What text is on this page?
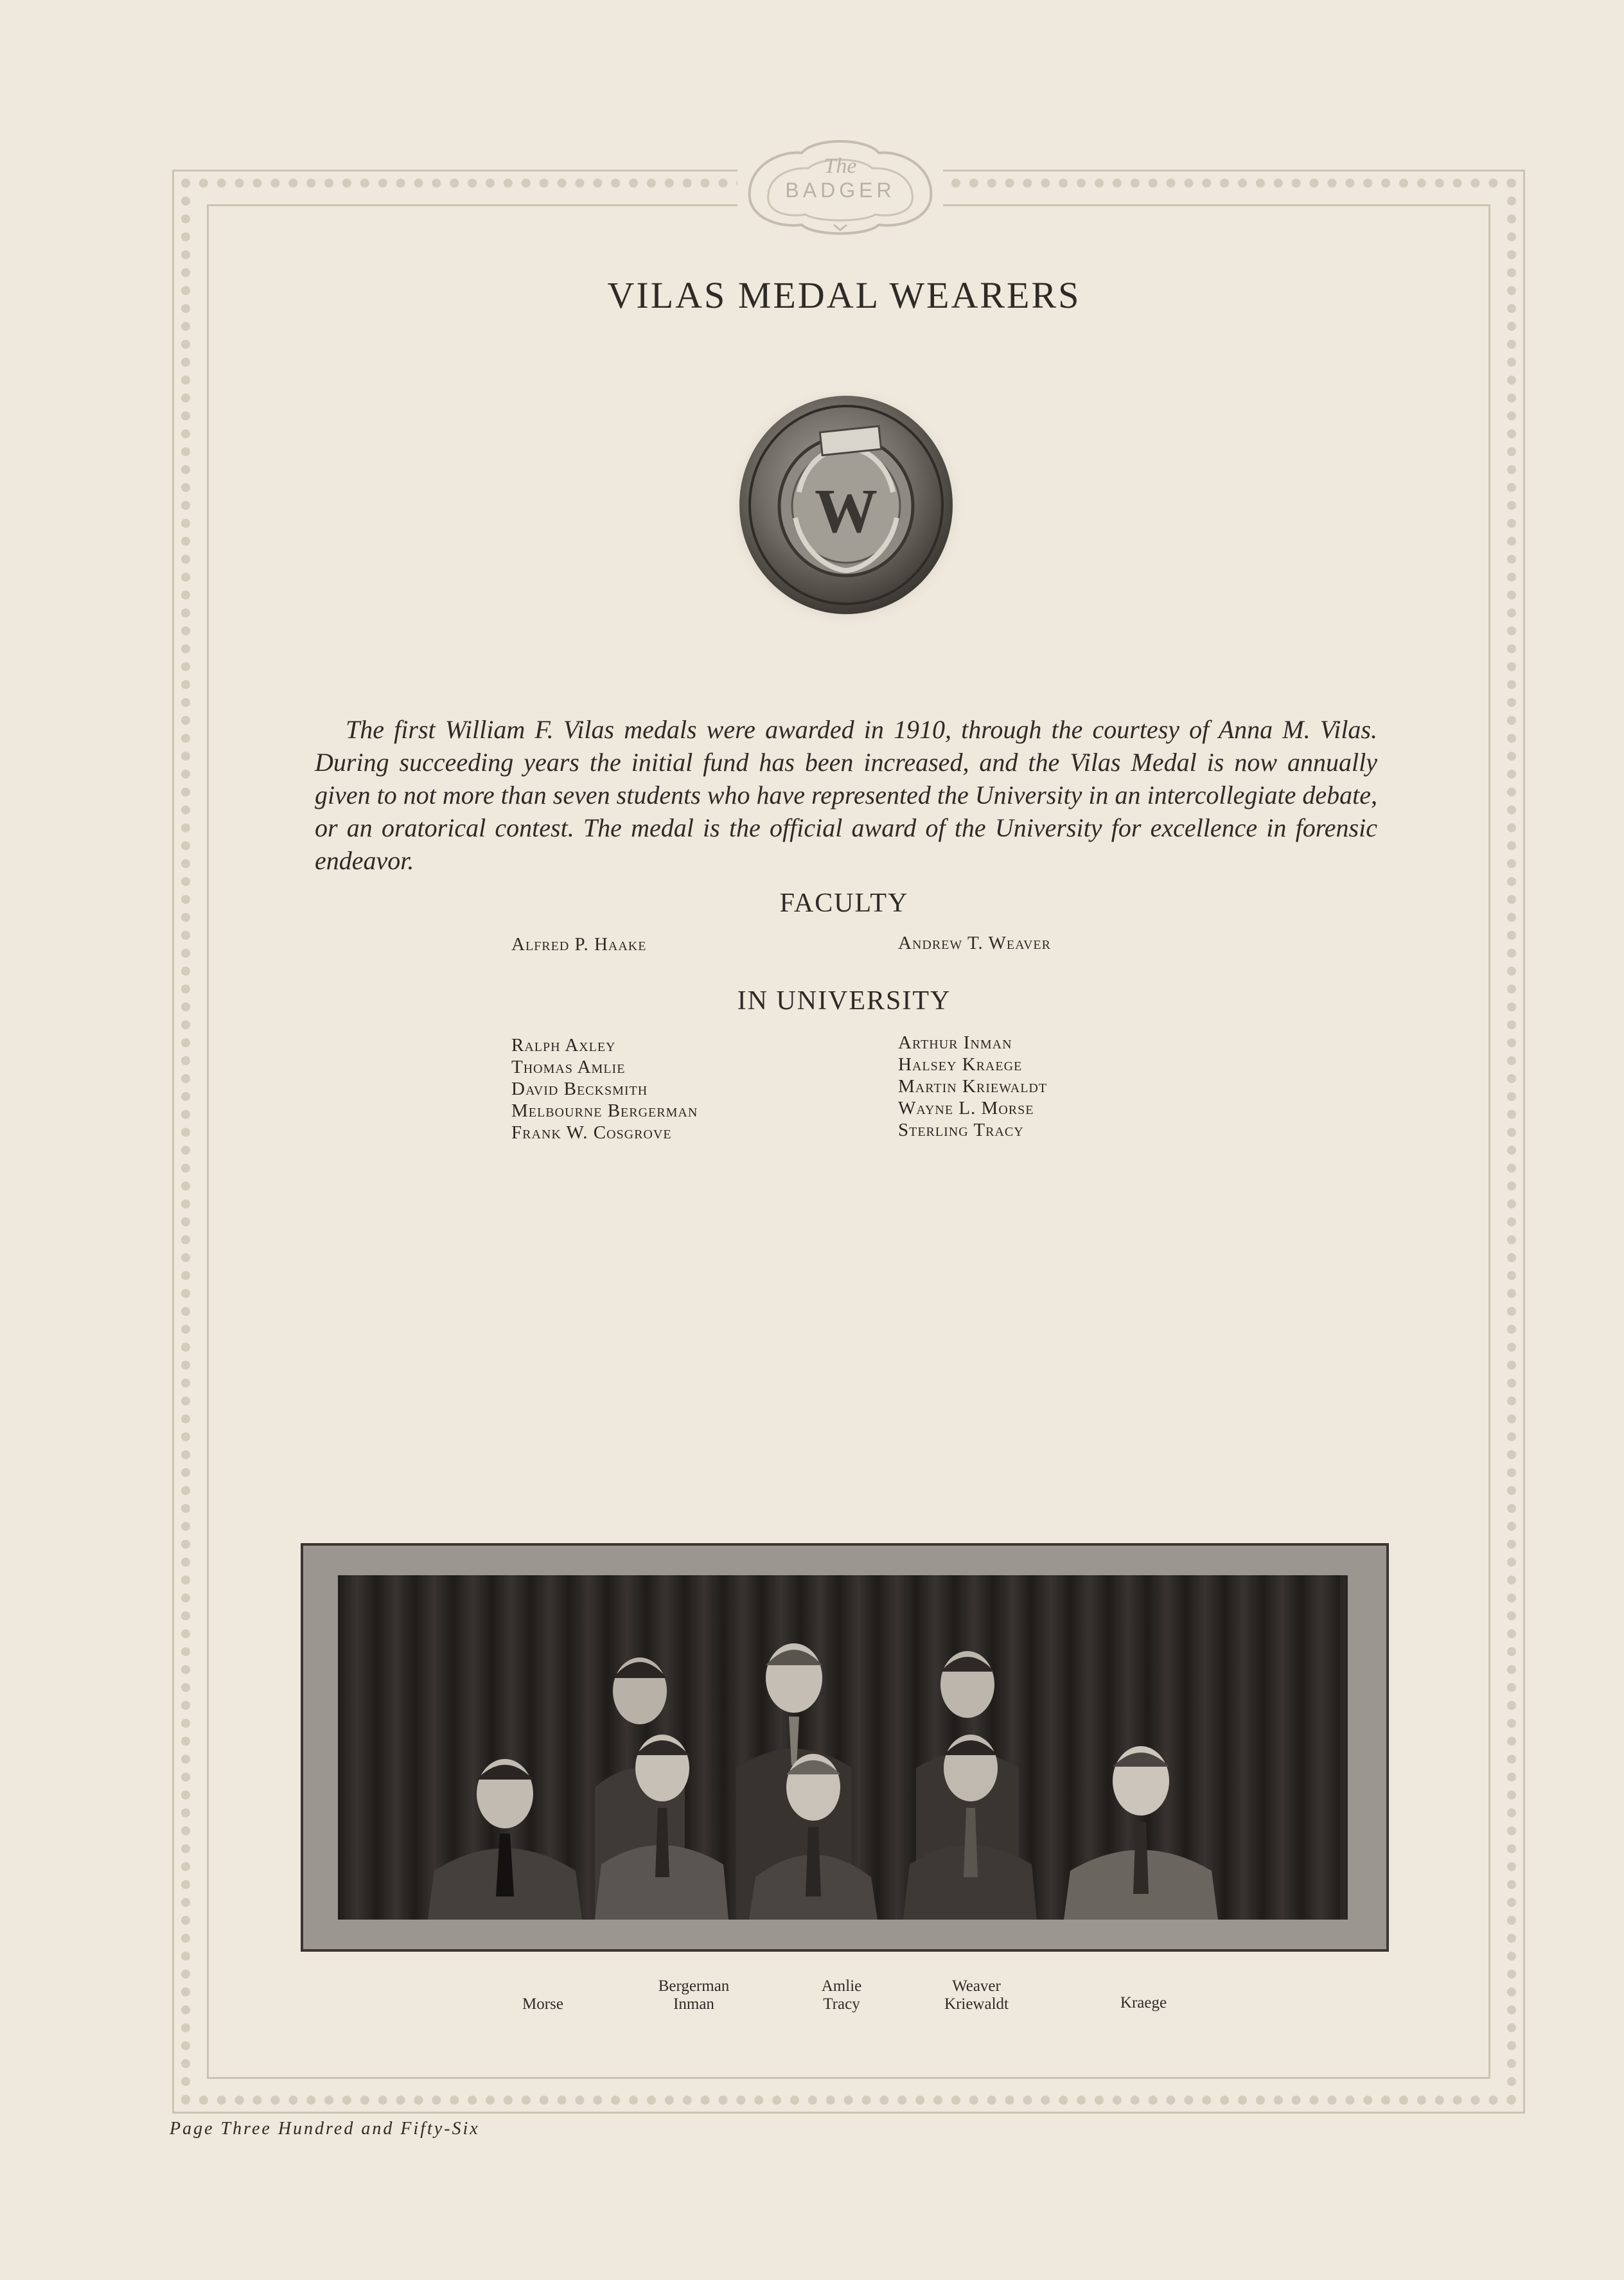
The
BADGER
VILAS MEDAL WEARERS
W
The first William F. Vilas medals were awarded in 1910, through the courtesy of Anna M. Vilas. During succeeding years the initial fund has been increased, and the Vilas Medal is now annually given to not more than seven students who have represented the University in an intercollegiate debate, or an oratorical contest. The medal is the official award of the University for excellence in forensic endeavor.
FACULTY
Alfred P. Haake	Andrew T. Weaver
IN UNIVERSITY
Ralph Axley
Thomas Amlie
David Becksmith
Melbourne Bergerman
Frank W. Cosgrove
Arthur Inman
Halsey Kraege
Martin Kriewaldt
Wayne L. Morse
Sterling Tracy
Morse
Bergerman
Inman
Amlie
Tracy
Weaver
Kriewaldt	Kraege
Page Three Hundred and Fifty-Six
